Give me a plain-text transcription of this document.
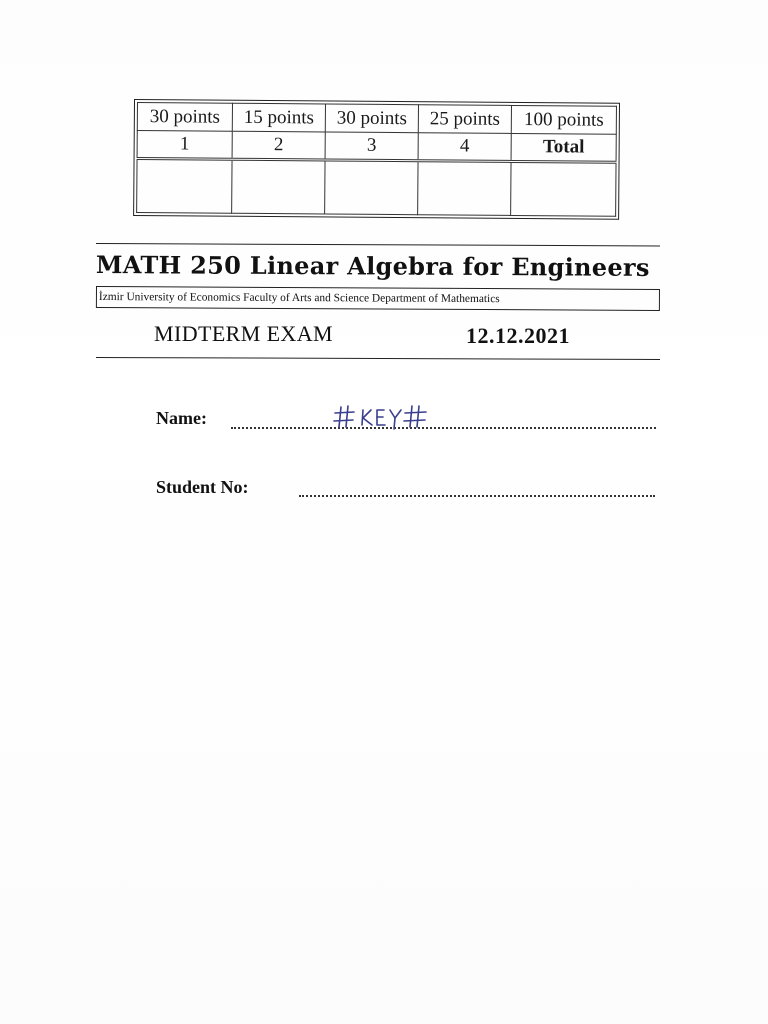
30 points	15 points	30 points	25 points	100 points
1	2	3	4	Total

MATH 250 Linear Algebra for Engineers
İzmir University of Economics Faculty of Arts and Science Department of Mathematics
MIDTERM EXAM	12.12.2021
Name:
#KEY#
Student No:
